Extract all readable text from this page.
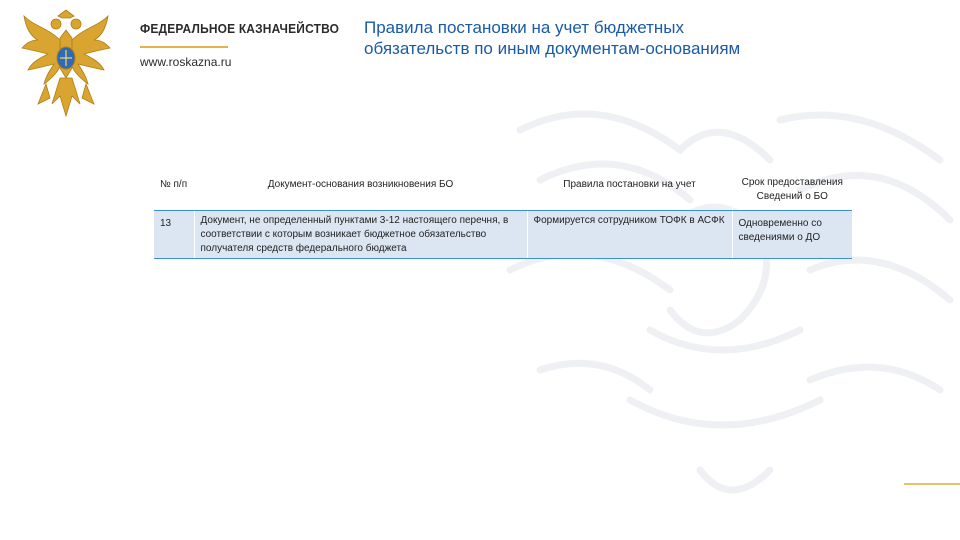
ФЕДЕРАЛЬНОЕ КАЗНАЧЕЙСТВО
www.roskazna.ru
Правила постановки на учет бюджетных
обязательств по иным документам-основаниям
№ п/п	Документ-основания возникновения БО	Правила постановки на учет	Срок предоставления Сведений о БО
13	Документ, не определенный пунктами 3-12 настоящего перечня, в соответствии с которым возникает бюджетное обязательство получателя средств федерального бюджета	Формируется сотрудником ТОФК в АСФК	Одновременно со сведениями о ДО
